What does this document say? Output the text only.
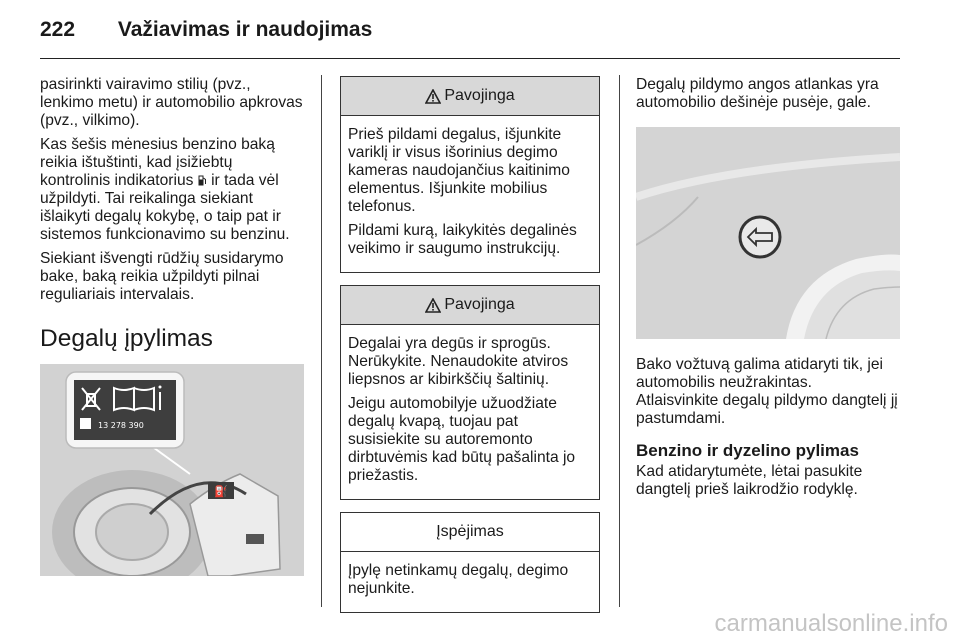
222 Važiavimas ir naudojimas

pasirinkti vairavimo stilių (pvz., lenkimo metu) ir automobilio apkrovas (pvz., vilkimo).

Kas šešis mėnesius benzino baką reikia ištuštinti, kad įsižiebtų kontrolinis indikatorius  ir tada vėl užpildyti. Tai reikalinga siekiant išlaikyti degalų kokybę, o taip pat ir sistemos funkcionavimo su benzinu.

Siekiant išvengti rūdžių susidarymo bake, baką reikia užpildyti pilnai reguliariais intervalais.

Degalų įpylimas
⛽
13 278 390
Pavojinga

Prieš pildami degalus, išjunkite variklį ir visus išorinius degimo kameras naudojančius kaitinimo elementus. Išjunkite mobilius telefonus.

Pildami kurą, laikykitės degalinės veikimo ir saugumo instrukcijų.

Pavojinga

Degalai yra degūs ir sprogūs. Nerūkykite. Nenaudokite atviros liepsnos ar kibirkščių šaltinių.

Jeigu automobilyje užuodžiate degalų kvapą, tuojau pat susisiekite su autoremonto dirbtuvėmis kad būtų pašalinta jo priežastis.

Įspėjimas

Įpylę netinkamų degalų, degimo nejunkite.

Degalų pildymo angos atlankas yra automobilio dešinėje pusėje, gale.

Bako vožtuvą galima atidaryti tik, jei automobilis neužrakintas.

Atlaisvinkite degalų pildymo dangtelį jį pastumdami.

Benzino ir dyzelino pylimas

Kad atidarytumėte, lėtai pasukite dangtelį prieš laikrodžio rodyklę.

carmanualsonline.info
